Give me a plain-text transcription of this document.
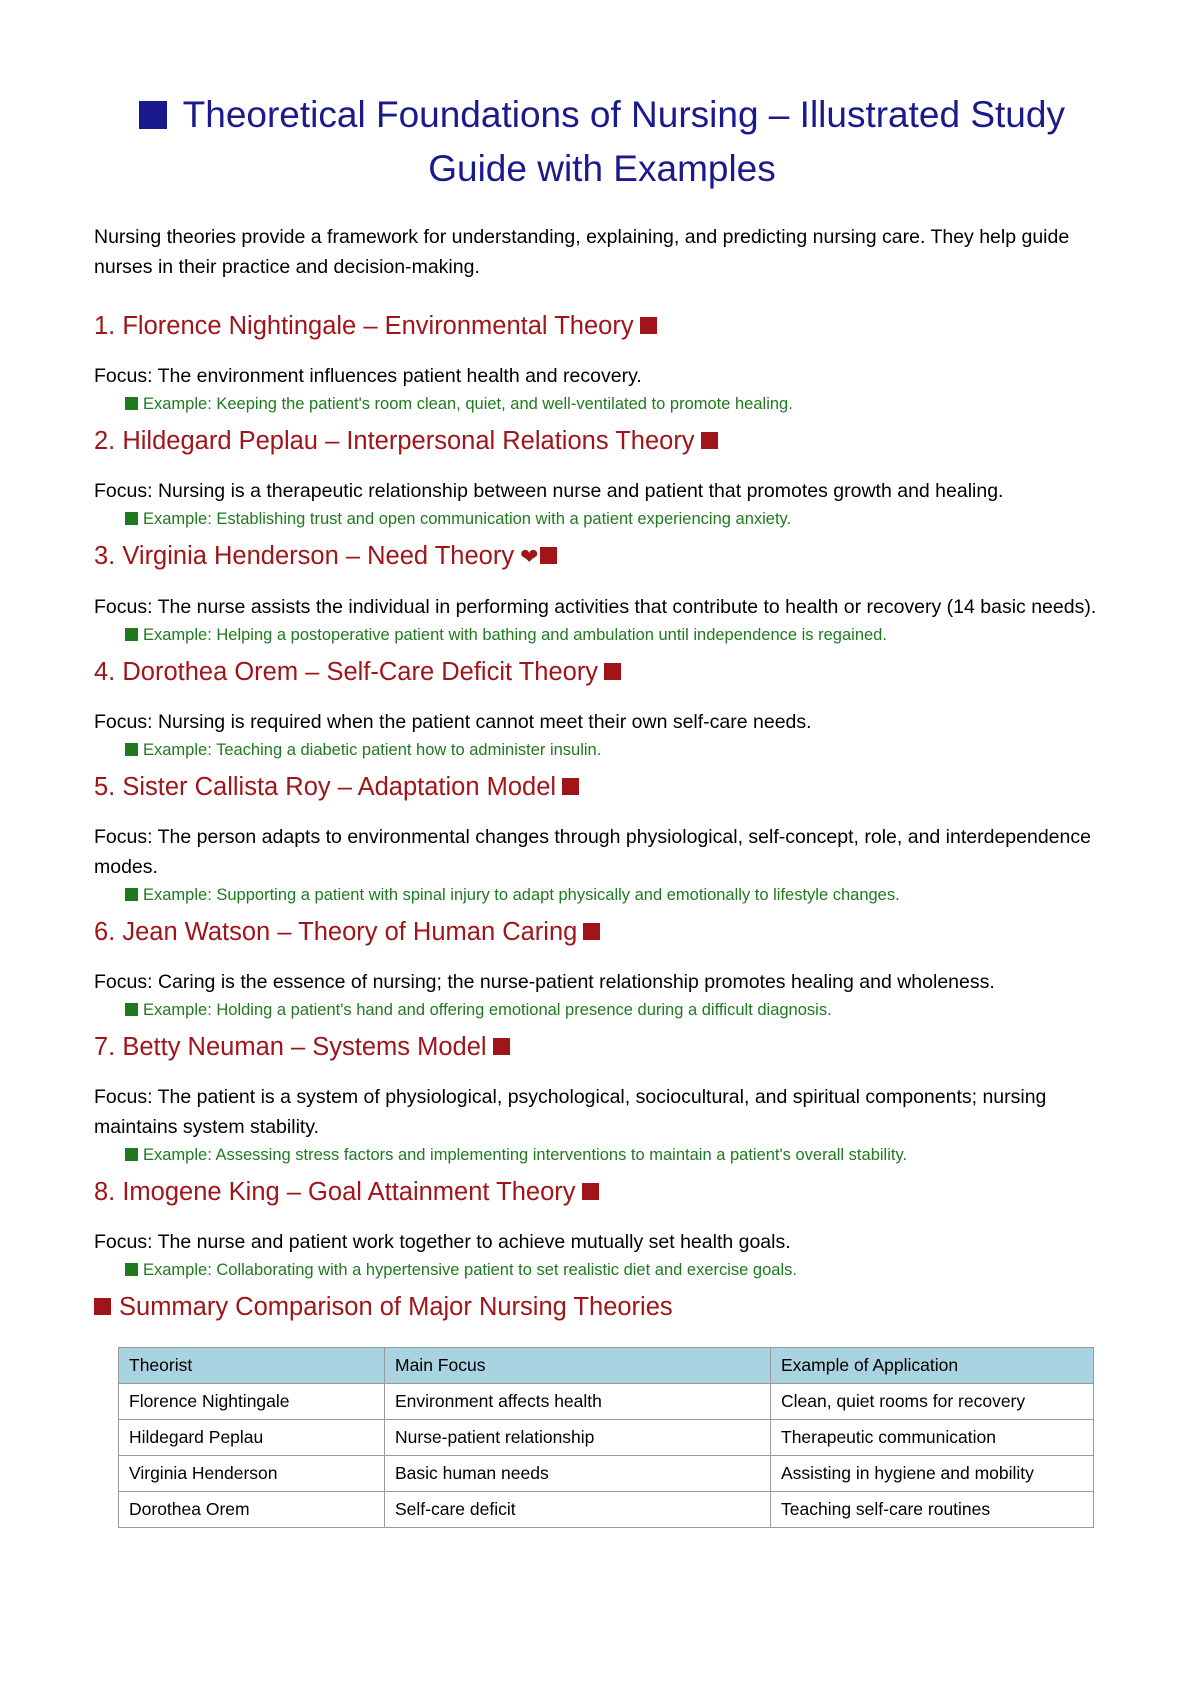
Theoretical Foundations of Nursing – Illustrated Study Guide with Examples

Nursing theories provide a framework for understanding, explaining, and predicting nursing care. They help guide nurses in their practice and decision-making.

1. Florence Nightingale – Environmental Theory

Focus: The environment influences patient health and recovery.

Example: Keeping the patient's room clean, quiet, and well-ventilated to promote healing.

2. Hildegard Peplau – Interpersonal Relations Theory

Focus: Nursing is a therapeutic relationship between nurse and patient that promotes growth and healing.

Example: Establishing trust and open communication with a patient experiencing anxiety.

3. Virginia Henderson – Need Theory ❤

Focus: The nurse assists the individual in performing activities that contribute to health or recovery (14 basic needs).

Example: Helping a postoperative patient with bathing and ambulation until independence is regained.

4. Dorothea Orem – Self-Care Deficit Theory

Focus: Nursing is required when the patient cannot meet their own self-care needs.

Example: Teaching a diabetic patient how to administer insulin.

5. Sister Callista Roy – Adaptation Model

Focus: The person adapts to environmental changes through physiological, self-concept, role, and interdependence modes.

Example: Supporting a patient with spinal injury to adapt physically and emotionally to lifestyle changes.

6. Jean Watson – Theory of Human Caring

Focus: Caring is the essence of nursing; the nurse-patient relationship promotes healing and wholeness.

Example: Holding a patient's hand and offering emotional presence during a difficult diagnosis.

7. Betty Neuman – Systems Model

Focus: The patient is a system of physiological, psychological, sociocultural, and spiritual components; nursing maintains system stability.

Example: Assessing stress factors and implementing interventions to maintain a patient's overall stability.

8. Imogene King – Goal Attainment Theory

Focus: The nurse and patient work together to achieve mutually set health goals.

Example: Collaborating with a hypertensive patient to set realistic diet and exercise goals.

Summary Comparison of Major Nursing Theories
Theorist	Main Focus	Example of Application
Florence Nightingale	Environment affects health	Clean, quiet rooms for recovery
Hildegard Peplau	Nurse-patient relationship	Therapeutic communication
Virginia Henderson	Basic human needs	Assisting in hygiene and mobility
Dorothea Orem	Self-care deficit	Teaching self-care routines
